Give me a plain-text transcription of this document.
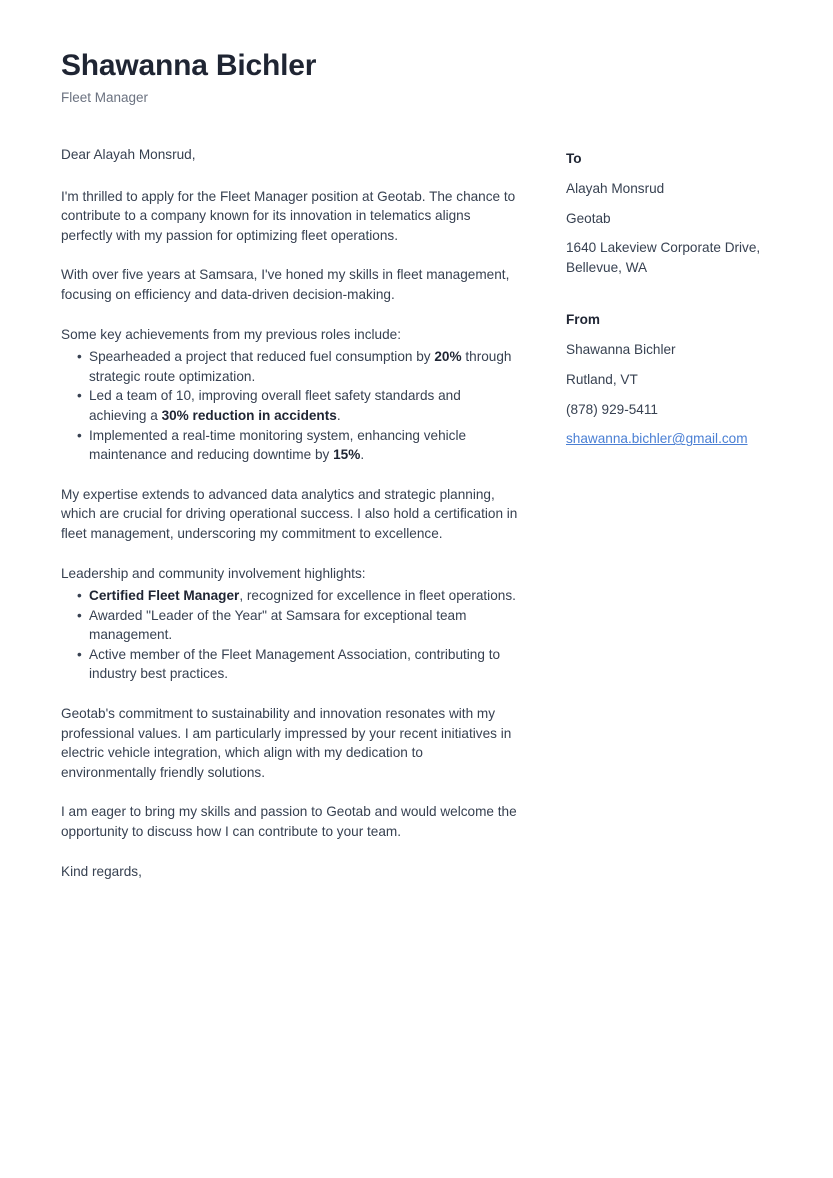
Shawanna Bichler
Fleet Manager

Dear Alayah Monsrud,

I'm thrilled to apply for the Fleet Manager position at Geotab. The chance to contribute to a company known for its innovation in telematics aligns perfectly with my passion for optimizing fleet operations.

With over five years at Samsara, I've honed my skills in fleet management, focusing on efficiency and data-driven decision-making.

Some key achievements from my previous roles include:

• Spearheaded a project that reduced fuel consumption by 20% through strategic route optimization.
• Led a team of 10, improving overall fleet safety standards and achieving a 30% reduction in accidents.
• Implemented a real-time monitoring system, enhancing vehicle maintenance and reducing downtime by 15%.

My expertise extends to advanced data analytics and strategic planning, which are crucial for driving operational success. I also hold a certification in fleet management, underscoring my commitment to excellence.

Leadership and community involvement highlights:

• Certified Fleet Manager, recognized for excellence in fleet operations.
• Awarded "Leader of the Year" at Samsara for exceptional team management.
• Active member of the Fleet Management Association, contributing to industry best practices.

Geotab's commitment to sustainability and innovation resonates with my professional values. I am particularly impressed by your recent initiatives in electric vehicle integration, which align with my dedication to environmentally friendly solutions.

I am eager to bring my skills and passion to Geotab and would welcome the opportunity to discuss how I can contribute to your team.

Kind regards,

To
Alayah Monsrud
Geotab
1640 Lakeview Corporate Drive, Bellevue, WA
From
Shawanna Bichler
Rutland, VT
(878) 929-5411
shawanna.bichler@gmail.com
